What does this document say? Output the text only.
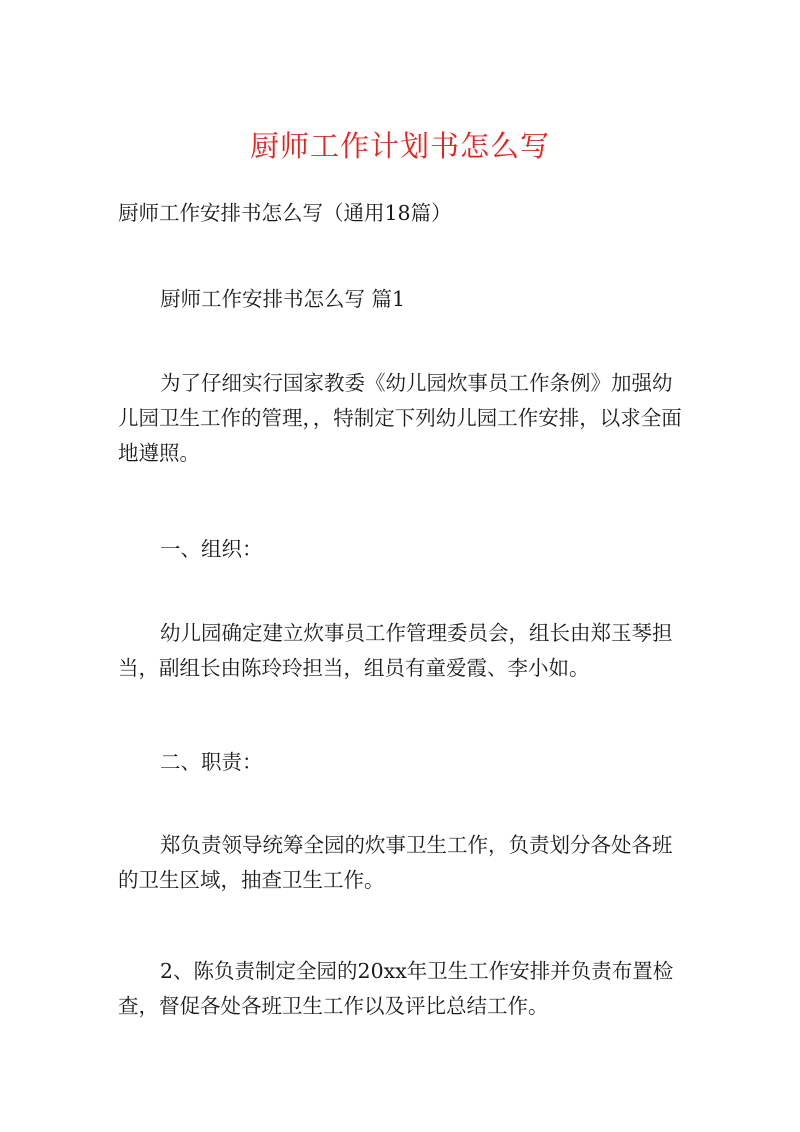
厨师工作计划书怎么写

厨师工作安排书怎么写（通用18篇）

厨师工作安排书怎么写 篇1

为了仔细实行国家教委《幼儿园炊事员工作条例》加强幼儿园卫生工作的管理，，特制定下列幼儿园工作安排，以求全面地遵照。

一、组织：

幼儿园确定建立炊事员工作管理委员会，组长由郑玉琴担当，副组长由陈玲玲担当，组员有童爱霞、李小如。

二、职责：

郑负责领导统筹全园的炊事卫生工作，负责划分各处各班的卫生区域，抽查卫生工作。

2、陈负责制定全园的20xx年卫生工作安排并负责布置检查，督促各处各班卫生工作以及评比总结工作。
